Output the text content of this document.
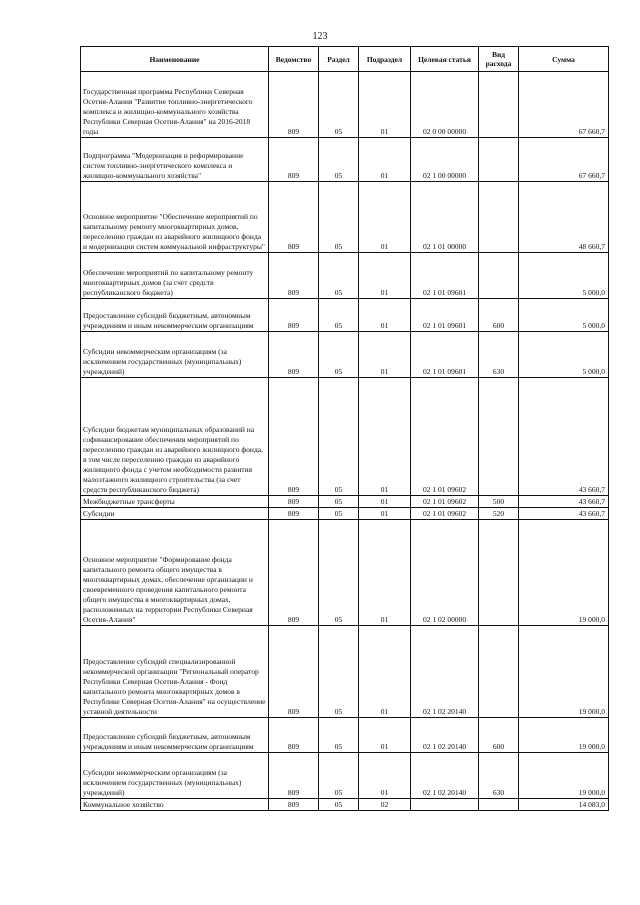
123
Наименование	Ведомство	Раздел	Подраздел	Целевая статья	Вид расхода	Сумма
Государственная программа Республики Северная Осетия-Алания "Развитие топливно-энергетического комплекса и жилищно-коммунального хозяйства Республики Северная Осетия-Алания" на 2016-2018 годы	809	05	01	02 0 00 00000		67 660,7
Подпрограмма "Модернизация и реформирование систем топливно-энергетического комплекса и жилищно-коммунального хозяйства"	809	05	01	02 1 00 00000		67 660,7
Основное мероприятие "Обеспечение мероприятий по капитальному ремонту многоквартирных домов, переселению граждан из аварийного жилищного фонда и модернизации систем коммунальной инфраструктуры"	809	05	01	02 1 01 00000		48 660,7
Обеспечение мероприятий по капитальному ремонту многоквартирных домов (за счет средств республиканского бюджета)	809	05	01	02 1 01 09601		5 000,0
Предоставление субсидий бюджетным, автономным учреждениям и иным некоммерческим организациям	809	05	01	02 1 01 09601	600	5 000,0
Субсидии некоммерческим организациям (за исключением государственных (муниципальных) учреждений)	809	05	01	02 1 01 09601	630	5 000,0
Субсидии бюджетам муниципальных образований на софинансирование обеспечения мероприятий по переселению граждан из аварийного жилищного фонда, в том числе переселению граждан из аварийного жилищного фонда с учетом необходимости развития малоэтажного жилищного строительства (за счет средств республиканского бюджета)	809	05	01	02 1 01 09602		43 660,7
Межбюджетные трансферты	809	05	01	02 1 01 09602	500	43 660,7
Субсидии	809	05	01	02 1 01 09602	520	43 660,7
Основное мероприятие "Формирование фонда капитального ремонта общего имущества в многоквартирных домах, обеспечение организации и своевременного проведения капитального ремонта общего имущества в многоквартирных домах, расположенных на территории Республики Северная Осетия-Алания"	809	05	01	02 1 02 00000		19 000,0
Предоставление субсидий специализированной некоммерческой организации "Региональный оператор Республики Северная Осетия-Алания - Фонд капитального ремонта многоквартирных домов в Республике Северная Осетия-Алания" на осуществление уставной деятельности	809	05	01	02 1 02 20140		19 000,0
Предоставление субсидий бюджетным, автономным учреждениям и иным некоммерческим организациям	809	05	01	02 1 02 20140	600	19 000,0
Субсидии некоммерческим организациям (за исключением государственных (муниципальных) учреждений)	809	05	01	02 1 02 20140	630	19 000,0
Коммунальное хозяйство	809	05	02			14 083,0
